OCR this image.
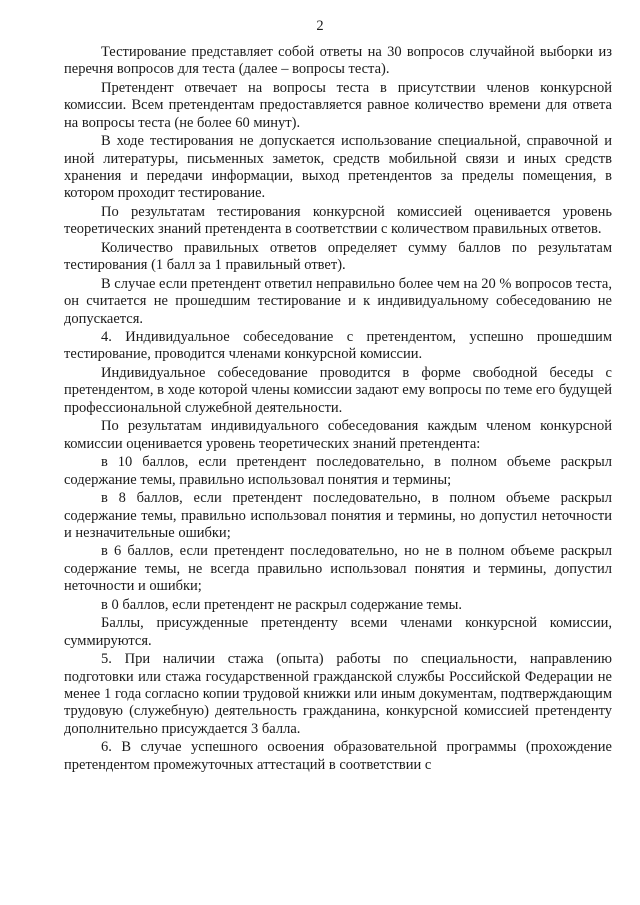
2

Тестирование представляет собой ответы на 30 вопросов случайной выборки из перечня вопросов для теста (далее – вопросы теста).

Претендент отвечает на вопросы теста в присутствии членов конкурсной комиссии. Всем претендентам предоставляется равное количество времени для ответа на вопросы теста (не более 60 минут).

В ходе тестирования не допускается использование специальной, справочной и иной литературы, письменных заметок, средств мобильной связи и иных средств хранения и передачи информации, выход претендентов за пределы помещения, в котором проходит тестирование.

По результатам тестирования конкурсной комиссией оценивается уровень теоретических знаний претендента в соответствии с количеством правильных ответов.

Количество правильных ответов определяет сумму баллов по результатам тестирования (1 балл за 1 правильный ответ).

В случае если претендент ответил неправильно более чем на 20 % вопросов теста, он считается не прошедшим тестирование и к индивидуальному собеседованию не допускается.

4. Индивидуальное собеседование с претендентом, успешно прошедшим тестирование, проводится членами конкурсной комиссии.

Индивидуальное собеседование проводится в форме свободной беседы с претендентом, в ходе которой члены комиссии задают ему вопросы по теме его будущей профессиональной служебной деятельности.

По результатам индивидуального собеседования каждым членом конкурсной комиссии оценивается уровень теоретических знаний претендента:

в 10 баллов, если претендент последовательно, в полном объеме раскрыл содержание темы, правильно использовал понятия и термины;

в 8 баллов, если претендент последовательно, в полном объеме раскрыл содержание темы, правильно использовал понятия и термины, но допустил неточности и незначительные ошибки;

в 6 баллов, если претендент последовательно, но не в полном объеме раскрыл содержание темы, не всегда правильно использовал понятия и термины, допустил неточности и ошибки;

в 0 баллов, если претендент не раскрыл содержание темы.

Баллы, присужденные претенденту всеми членами конкурсной комиссии, суммируются.

5. При наличии стажа (опыта) работы по специальности, направлению подготовки или стажа государственной гражданской службы Российской Федерации не менее 1 года согласно копии трудовой книжки или иным документам, подтверждающим трудовую (служебную) деятельность гражданина, конкурсной комиссией претенденту дополнительно присуждается 3 балла.

6. В случае успешного освоения образовательной программы (прохождение претендентом промежуточных аттестаций в соответствии с
